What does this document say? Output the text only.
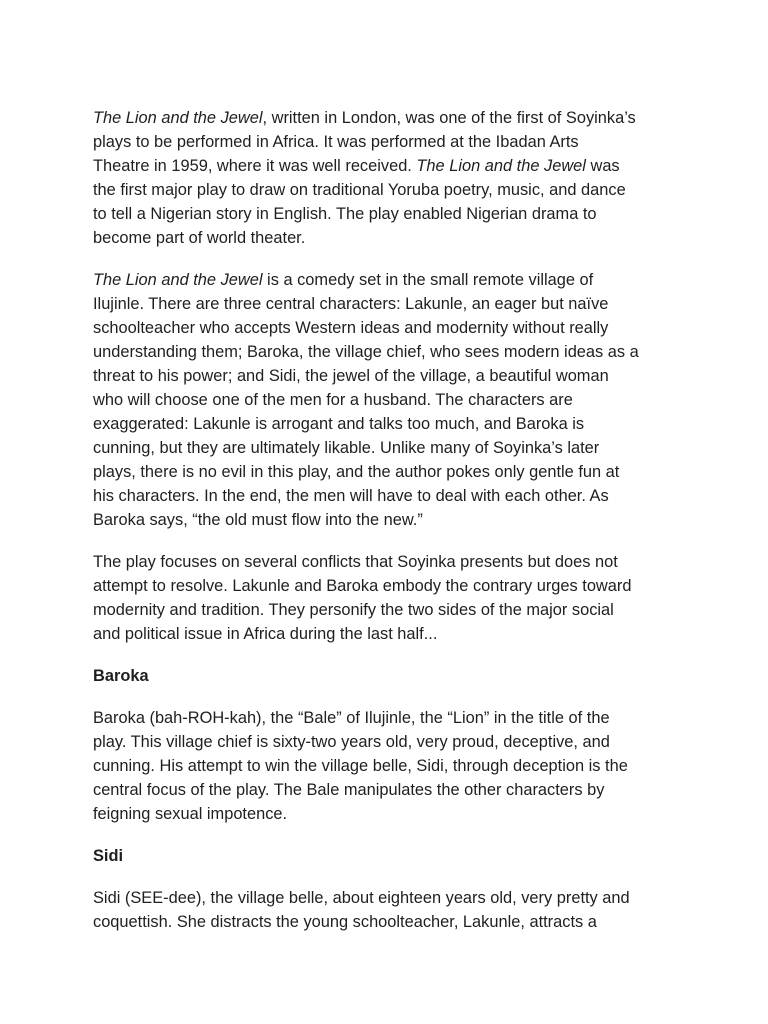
The Lion and the Jewel, written in London, was one of the first of Soyinka’s
plays to be performed in Africa. It was performed at the Ibadan Arts
Theatre in 1959, where it was well received. The Lion and the Jewel was
the first major play to draw on traditional Yoruba poetry, music, and dance
to tell a Nigerian story in English. The play enabled Nigerian drama to
become part of world theater.
The Lion and the Jewel is a comedy set in the small remote village of
Ilujinle. There are three central characters: Lakunle, an eager but naïve
schoolteacher who accepts Western ideas and modernity without really
understanding them; Baroka, the village chief, who sees modern ideas as a
threat to his power; and Sidi, the jewel of the village, a beautiful woman
who will choose one of the men for a husband. The characters are
exaggerated: Lakunle is arrogant and talks too much, and Baroka is
cunning, but they are ultimately likable. Unlike many of Soyinka’s later
plays, there is no evil in this play, and the author pokes only gentle fun at
his characters. In the end, the men will have to deal with each other. As
Baroka says, “the old must flow into the new.”
The play focuses on several conflicts that Soyinka presents but does not
attempt to resolve. Lakunle and Baroka embody the contrary urges toward
modernity and tradition. They personify the two sides of the major social
and political issue in Africa during the last half...
Baroka
Baroka (bah-ROH-kah), the “Bale” of Ilujinle, the “Lion” in the title of the
play. This village chief is sixty-two years old, very proud, deceptive, and
cunning. His attempt to win the village belle, Sidi, through deception is the
central focus of the play. The Bale manipulates the other characters by
feigning sexual impotence.
Sidi
Sidi (SEE-dee), the village belle, about eighteen years old, very pretty and
coquettish. She distracts the young schoolteacher, Lakunle, attracts a
